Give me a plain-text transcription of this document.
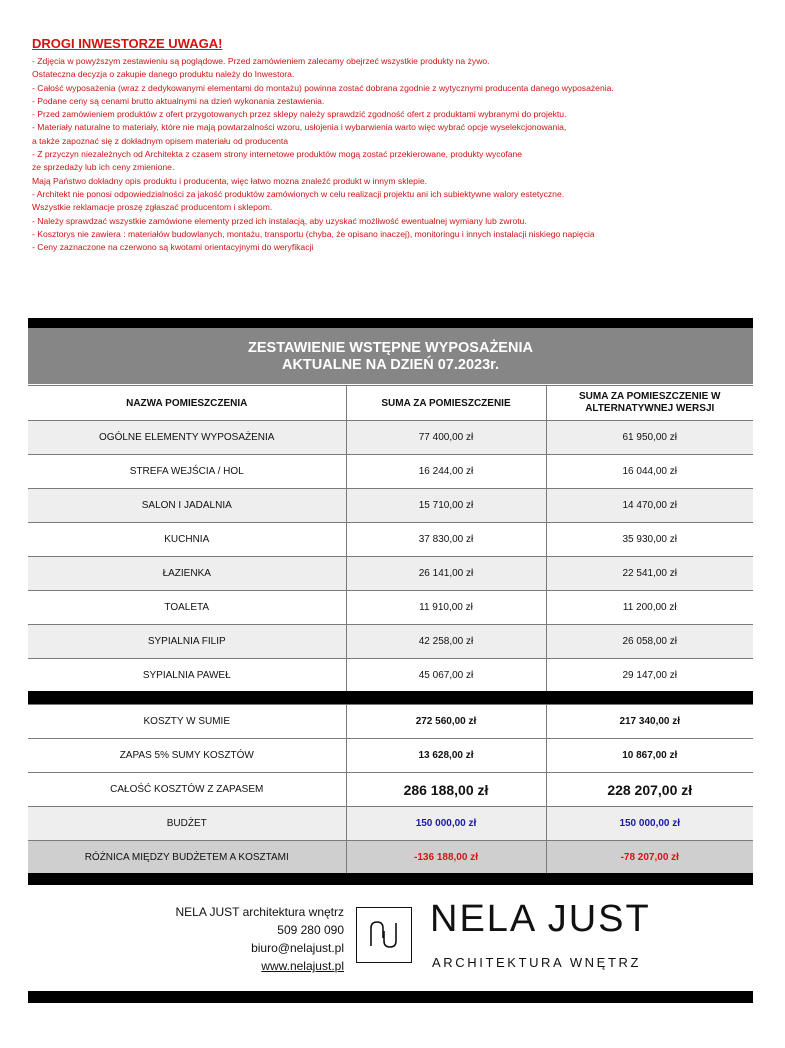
DROGI INWESTORZE UWAGA!
- Zdjęcia w powyższym zestawieniu są poglądowe. Przed zamówieniem zalecamy obejrzeć wszystkie produkty na żywo.
Ostateczna decyzja o zakupie danego produktu należy do Inwestora.
- Całość wyposażenia (wraz z dedykowanymi elementami do montażu) powinna zostać dobrana zgodnie z wytycznymi producenta danego wyposażenia.
- Podane ceny są cenami brutto aktualnymi na dzień wykonania zestawienia.
- Przed zamówieniem produktów z ofert przygotowanych przez sklepy należy sprawdzić zgodność ofert z produktami wybranymi do projektu.
- Materiały naturalne to materiały, które nie mają powtarzalności wzoru, usłojenia i wybarwienia warto więc wybrać opcje wyselekcjonowania,
a także zapoznać się z dokładnym opisem materiału od producenta
- Z przyczyn niezależnych od Architekta z czasem strony internetowe produktów mogą zostać przekierowane, produkty wycofane
ze sprzedaży lub ich ceny zmienione.
Mają Państwo dokładny opis produktu i producenta, więc łatwo mozna znaleźć produkt w innym sklepie.
- Architekt nie ponosi odpowiedzialności za jakość produktów zamówionych w celu realizacji projektu ani ich subiektywne walory estetyczne.
Wszystkie reklamacje proszę zgłaszać producentom i sklepom.
- Należy sprawdzać wszystkie zamówione elementy przed ich instalacją, aby uzyskać możliwość ewentualnej wymiany lub zwrotu.
- Kosztorys nie zawiera : materiałów budowlanych, montażu, transportu (chyba, że opisano inaczej), monitoringu i innych instalacji niskiego napięcia
- Ceny zaznaczone na czerwono są kwotami orientacyjnymi do weryfikacji
ZESTAWIENIE WSTĘPNE WYPOSAŻENIA
AKTUALNE NA DZIEŃ 07.2023r.
NAZWA POMIESZCZENIA	SUMA ZA POMIESZCZENIE	SUMA ZA POMIESZCZENIE W ALTERNATYWNEJ WERSJI
OGÓLNE ELEMENTY WYPOSAŻENIA	77 400,00 zł	61 950,00 zł
STREFA WEJŚCIA / HOL	16 244,00 zł	16 044,00 zł
SALON I JADALNIA	15 710,00 zł	14 470,00 zł
KUCHNIA	37 830,00 zł	35 930,00 zł
ŁAZIENKA	26 141,00 zł	22 541,00 zł
TOALETA	11 910,00 zł	11 200,00 zł
SYPIALNIA FILIP	42 258,00 zł	26 058,00 zł
SYPIALNIA PAWEŁ	45 067,00 zł	29 147,00 zł
KOSZTY W SUMIE	272 560,00 zł	217 340,00 zł
ZAPAS 5% SUMY KOSZTÓW	13 628,00 zł	10 867,00 zł
CAŁOŚĆ KOSZTÓW Z ZAPASEM	286 188,00 zł	228 207,00 zł
BUDŻET	150 000,00 zł	150 000,00 zł
RÓŻNICA MIĘDZY BUDŻETEM A KOSZTAMI	-136 188,00 zł	-78 207,00 zł
NELA JUST architektura wnętrz
509 280 090
biuro@nelajust.pl
www.nelajust.pl
NELA JUST
ARCHITEKTURA WNĘTRZ
